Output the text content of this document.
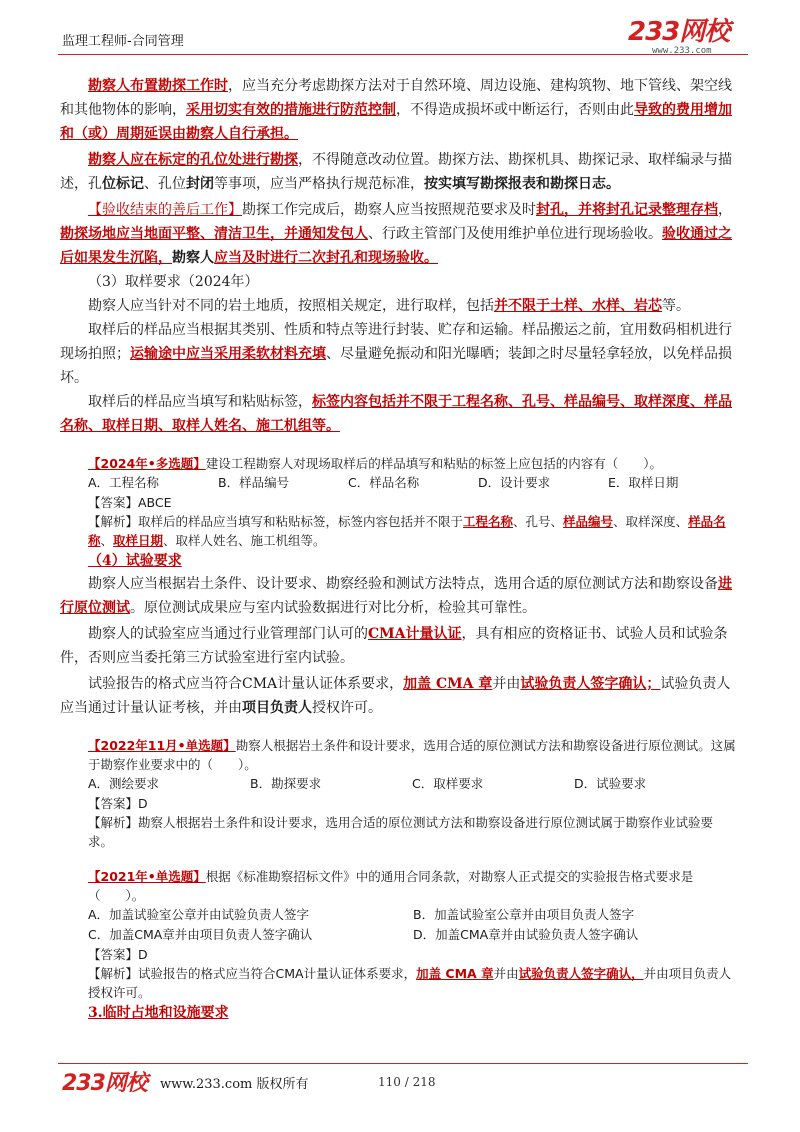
监理工程师-合同管理	233网校
www.233.com

勘察人布置勘探工作时，应当充分考虑勘探方法对于自然环境、周边设施、建构筑物、地下管线、架空线和其他物体的影响，采用切实有效的措施进行防范控制，不得造成损坏或中断运行，否则由此导致的费用增加和（或）周期延误由勘察人自行承担。

勘察人应在标定的孔位处进行勘探，不得随意改动位置。勘探方法、勘探机具、勘探记录、取样编录与描述，孔位标记、孔位封闭等事项，应当严格执行规范标准，按实填写勘探报表和勘探日志。

【验收结束的善后工作】勘探工作完成后，勘察人应当按照规范要求及时封孔，并将封孔记录整理存档，勘探场地应当地面平整、清洁卫生，并通知发包人、行政主管部门及使用维护单位进行现场验收。验收通过之后如果发生沉陷，勘察人应当及时进行二次封孔和现场验收。

（3）取样要求（2024年）

勘察人应当针对不同的岩土地质，按照相关规定，进行取样，包括并不限于土样、水样、岩芯等。

取样后的样品应当根据其类别、性质和特点等进行封装、贮存和运输。样品搬运之前，宜用数码相机进行现场拍照；运输途中应当采用柔软材料充填、尽量避免振动和阳光曝晒；装卸之时尽量轻拿轻放，以免样品损坏。

取样后的样品应当填写和粘贴标签，标签内容包括并不限于工程名称、孔号、样品编号、取样深度、样品名称、取样日期、取样人姓名、施工机组等。

【2024年•多选题】建设工程勘察人对现场取样后的样品填写和粘贴的标签上应包括的内容有（　　）。

A．工程名称	B．样品编号	C．样品名称	D．设计要求	E．取样日期

【答案】ABCE

【解析】取样后的样品应当填写和粘贴标签，标签内容包括并不限于工程名称、孔号、样品编号、取样深度、样品名称、取样日期、取样人姓名、施工机组等。

（4）试验要求

勘察人应当根据岩土条件、设计要求、勘察经验和测试方法特点，选用合适的原位测试方法和勘察设备进行原位测试。原位测试成果应与室内试验数据进行对比分析，检验其可靠性。

勘察人的试验室应当通过行业管理部门认可的CMA计量认证，具有相应的资格证书、试验人员和试验条件，否则应当委托第三方试验室进行室内试验。

试验报告的格式应当符合CMA计量认证体系要求，加盖 CMA 章并由试验负责人签字确认；试验负责人应当通过计量认证考核，并由项目负责人授权许可。

【2022年11月•单选题】勘察人根据岩土条件和设计要求，选用合适的原位测试方法和勘察设备进行原位测试。这属于勘察作业要求中的（　　）。

A．测绘要求	B．勘探要求	C．取样要求	D．试验要求

【答案】D

【解析】勘察人根据岩土条件和设计要求，选用合适的原位测试方法和勘察设备进行原位测试属于勘察作业试验要求。

【2021年•单选题】根据《标准勘察招标文件》中的通用合同条款，对勘察人正式提交的实验报告格式要求是（　　）。

A．加盖试验室公章并由试验负责人签字	B．加盖试验室公章并由项目负责人签字
C．加盖CMA章并由项目负责人签字确认	D．加盖CMA章并由试验负责人签字确认

【答案】D

【解析】试验报告的格式应当符合CMA计量认证体系要求，加盖 CMA 章并由试验负责人签字确认，并由项目负责人授权许可。

3.临时占地和设施要求

233网校 www.233.com 版权所有	110 / 218
